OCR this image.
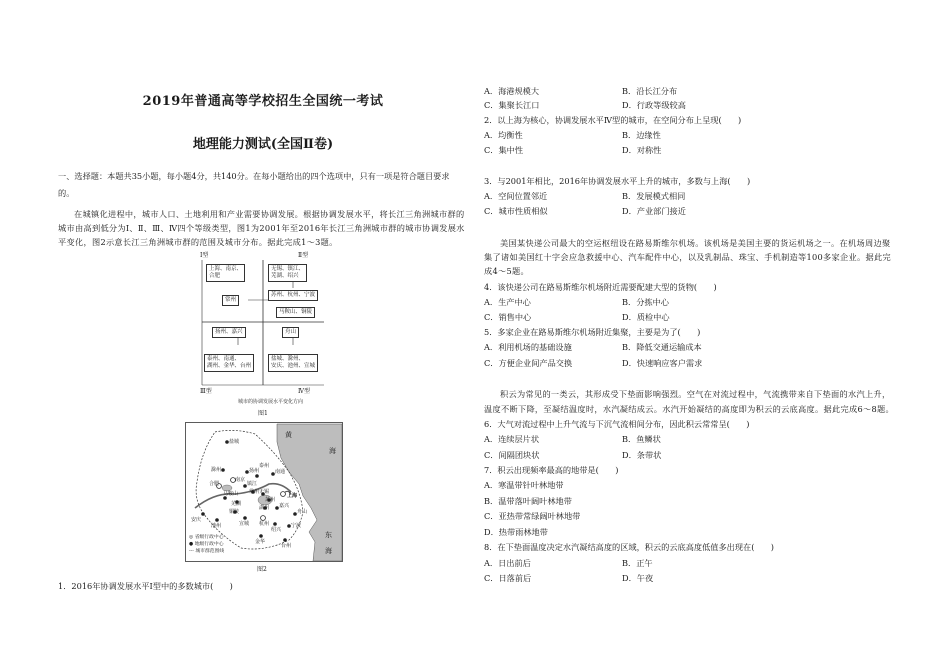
2019年普通高等学校招生全国统一考试
地理能力测试(全国Ⅱ卷)
一、选择题：本题共35小题，每小题4分，共140分。在每小题给出的四个选项中，只有一项是符合题目要求
的。
在城镇化进程中，城市人口、土地利用和产业需要协调发展。根据协调发展水平，将长江三角洲城市群的
城市由高到低分为Ⅰ、Ⅱ、Ⅲ、Ⅳ四个等级类型，图1为2001年至2016年长江三角洲城市群的城市协调发展水
平变化，图2示意长江三角洲城市群的范围及城市分布。据此完成1～3题。
Ⅰ型	Ⅱ型
Ⅲ型	Ⅳ型
上海、南京、
合肥
无锡、镇江、
芜湖、绍兴
常州
苏州、杭州、宁波
马鞍山、铜陵
扬州、嘉兴	舟山
泰州、南通、
湖州、金华、台州
盐城、滁州、
安庆、池州、宣城
城市的协调发展水平变化方向
图1
黄
海
东
海
盐城
扬州
泰州
南通
滁州
南京
镇江
常州
合肥
马鞍山
芜湖
无锡
苏州
上海
铜陵
湖州 嘉兴
舟山
安庆
池州	宣城 杭州
绍兴
宁波
金华
台州
◎ 省级行政中心
● 地级行政中心
--- 城市群范围线
图2
1．2016年协调发展水平Ⅰ型中的多数城市(　　)
A．海港规模大	B．沿长江分布
C．集聚长江口	D．行政等级较高
2．以上海为核心，协调发展水平Ⅳ型的城市，在空间分布上呈现(　　)
A．均衡性	B．边缘性
C．集中性	D．对称性
3．与2001年相比，2016年协调发展水平上升的城市，多数与上海(　　)
A．空间位置邻近	B．发展模式相同
C．城市性质相似	D．产业部门接近
美国某快递公司最大的空运枢纽设在路易斯维尔机场。该机场是美国主要的货运机场之一。在机场周边聚
集了诸如美国红十字会应急救援中心、汽车配件中心，以及乳制品、珠宝、手机制造等100多家企业。据此完
成4～5题。
4．该快递公司在路易斯维尔机场附近需要配建大型的货物(　　)
A．生产中心	B．分拣中心
C．销售中心	D．质检中心
5．多家企业在路易斯维尔机场附近集聚，主要是为了(　　)
A．利用机场的基础设施	B．降低交通运输成本
C．方便企业间产品交换	D．快速响应客户需求
积云为常见的一类云，其形成受下垫面影响强烈。空气在对流过程中，气流携带来自下垫面的水汽上升，
温度不断下降，至凝结温度时，水汽凝结成云。水汽开始凝结的高度即为积云的云底高度。据此完成6～8题。
6．大气对流过程中上升气流与下沉气流相间分布，因此积云常常呈(　　)
A．连续层片状	B．鱼鳞状
C．间隔团块状	D．条带状
7．积云出现频率最高的地带是(　　)
A．寒温带针叶林地带
B．温带落叶阔叶林地带
C．亚热带常绿阔叶林地带
D．热带雨林地带
8．在下垫面温度决定水汽凝结高度的区域，积云的云底高度低值多出现在(　　)
A．日出前后	B．正午
C．日落前后	D．午夜
